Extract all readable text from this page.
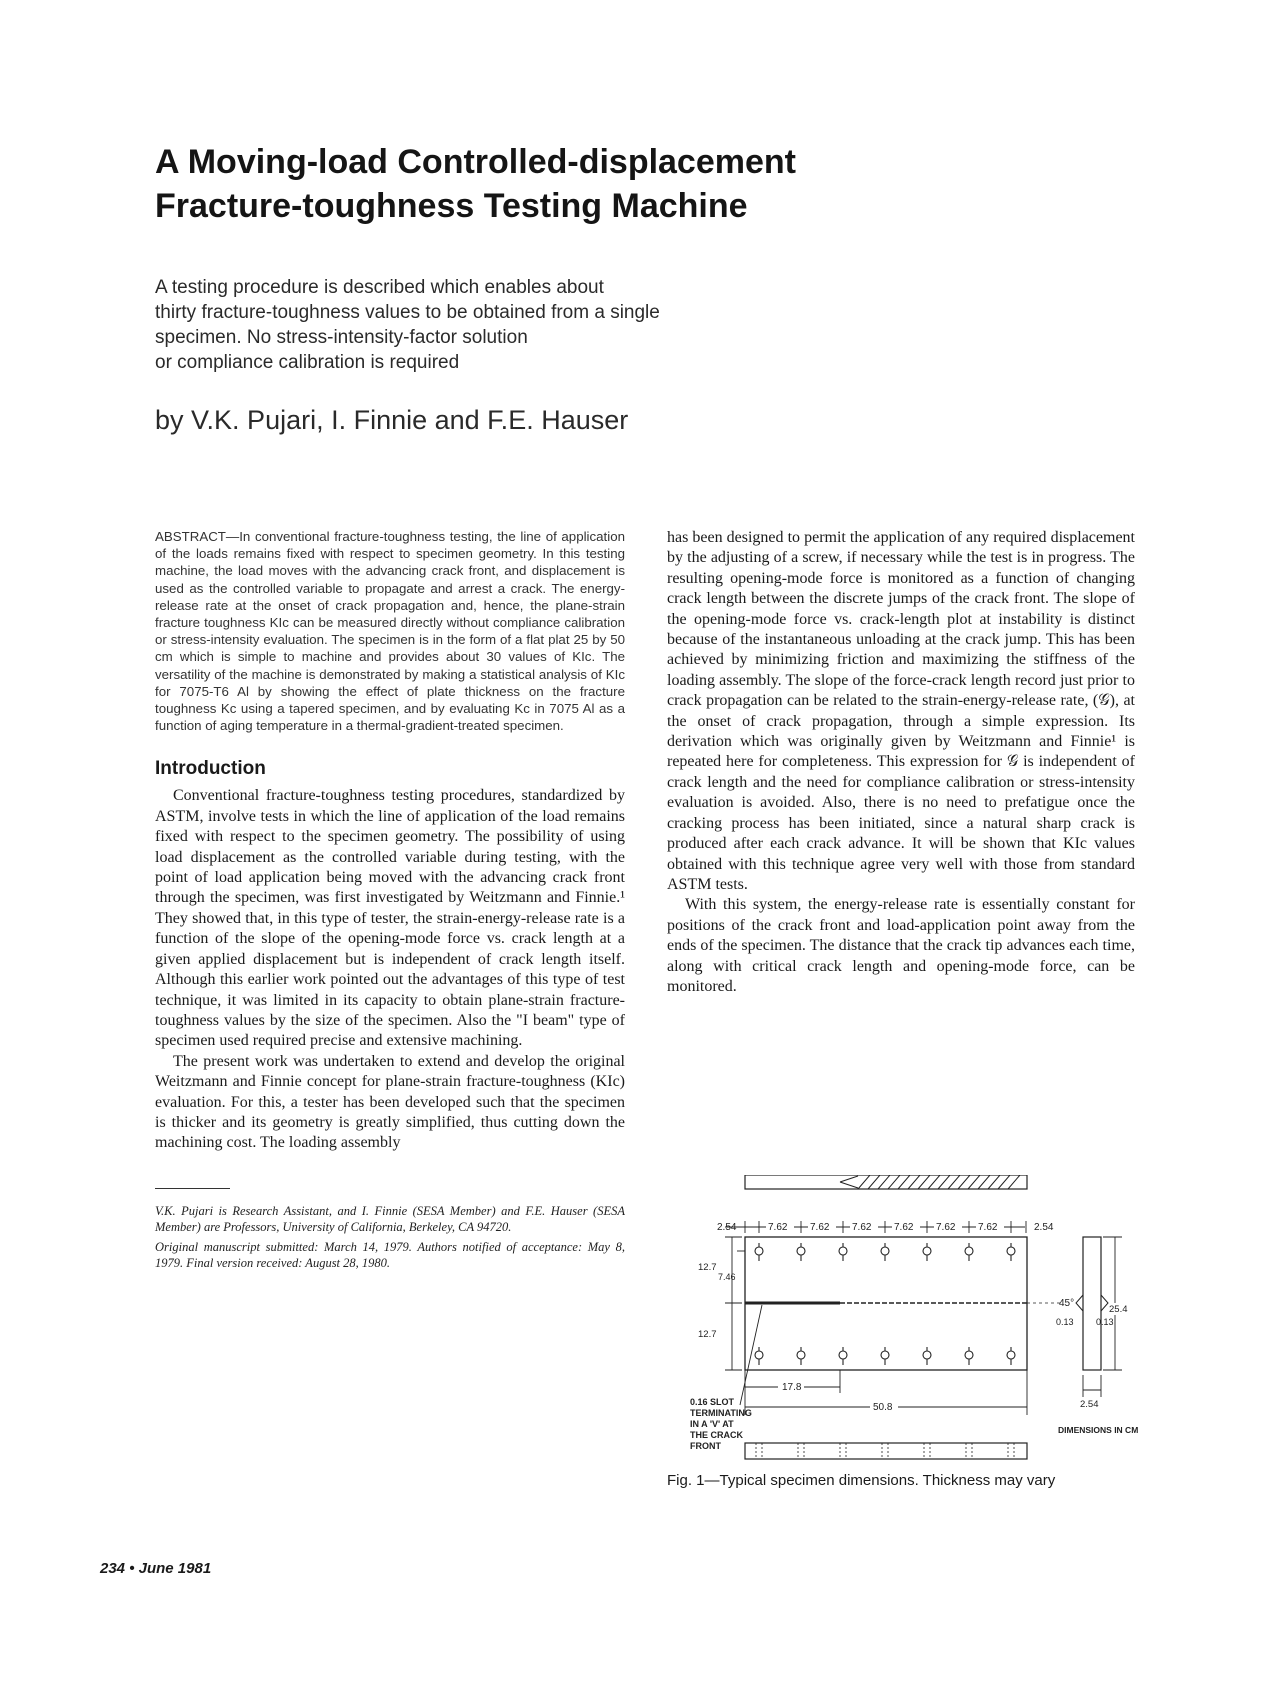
A Moving-load Controlled-displacement
Fracture-toughness Testing Machine
A testing procedure is described which enables about
thirty fracture-toughness values to be obtained from a single
specimen. No stress-intensity-factor solution
or compliance calibration is required
by V.K. Pujari, I. Finnie and F.E. Hauser

ABSTRACT—In conventional fracture-toughness testing, the line of application of the loads remains fixed with respect to specimen geometry. In this testing machine, the load moves with the advancing crack front, and displacement is used as the controlled variable to propagate and arrest a crack. The energy-release rate at the onset of crack propagation and, hence, the plane-strain fracture toughness KIc can be measured directly without compliance calibration or stress-intensity evaluation. The specimen is in the form of a flat plat 25 by 50 cm which is simple to machine and provides about 30 values of KIc. The versatility of the machine is demonstrated by making a statistical analysis of KIc for 7075-T6 Al by showing the effect of plate thickness on the fracture toughness Kc using a tapered specimen, and by evaluating Kc in 7075 Al as a function of aging temperature in a thermal-gradient-treated specimen.

Introduction

Conventional fracture-toughness testing procedures, standardized by ASTM, involve tests in which the line of application of the load remains fixed with respect to the specimen geometry. The possibility of using load displacement as the controlled variable during testing, with the point of load application being moved with the advancing crack front through the specimen, was first investigated by Weitzmann and Finnie.¹ They showed that, in this type of tester, the strain-energy-release rate is a function of the slope of the opening-mode force vs. crack length at a given applied displacement but is independent of crack length itself. Although this earlier work pointed out the advantages of this type of test technique, it was limited in its capacity to obtain plane-strain fracture-toughness values by the size of the specimen. Also the "I beam" type of specimen used required precise and extensive machining.

The present work was undertaken to extend and develop the original Weitzmann and Finnie concept for plane-strain fracture-toughness (KIc) evaluation. For this, a tester has been developed such that the specimen is thicker and its geometry is greatly simplified, thus cutting down the machining cost. The loading assembly

V.K. Pujari is Research Assistant, and I. Finnie (SESA Member) and F.E. Hauser (SESA Member) are Professors, University of California, Berkeley, CA 94720.

Original manuscript submitted: March 14, 1979. Authors notified of acceptance: May 8, 1979. Final version received: August 28, 1980.

has been designed to permit the application of any required displacement by the adjusting of a screw, if necessary while the test is in progress. The resulting opening-mode force is monitored as a function of changing crack length between the discrete jumps of the crack front. The slope of the opening-mode force vs. crack-length plot at instability is distinct because of the instantaneous unloading at the crack jump. This has been achieved by minimizing friction and maximizing the stiffness of the loading assembly. The slope of the force-crack length record just prior to crack propagation can be related to the strain-energy-release rate, (𝒢), at the onset of crack propagation, through a simple expression. Its derivation which was originally given by Weitzmann and Finnie¹ is repeated here for completeness. This expression for 𝒢 is independent of crack length and the need for compliance calibration or stress-intensity evaluation is avoided. Also, there is no need to prefatigue once the cracking process has been initiated, since a natural sharp crack is produced after each crack advance. It will be shown that KIc values obtained with this technique agree very well with those from standard ASTM tests.

With this system, the energy-release rate is essentially constant for positions of the crack front and load-application point away from the ends of the specimen. The distance that the crack tip advances each time, along with critical crack length and opening-mode force, can be monitored.

2.54	7.62 7.62 7.62 7.62 7.62 7.62	2.54
12.7
7.46
12.7
0.16 SLOT
TERMINATING
IN A 'V' AT
THE CRACK
FRONT
17.8
50.8
25.4
45°
0.13 0.13
2.54
DIMENSIONS IN CM
Fig. 1—Typical specimen dimensions. Thickness may vary
234 • June 1981
